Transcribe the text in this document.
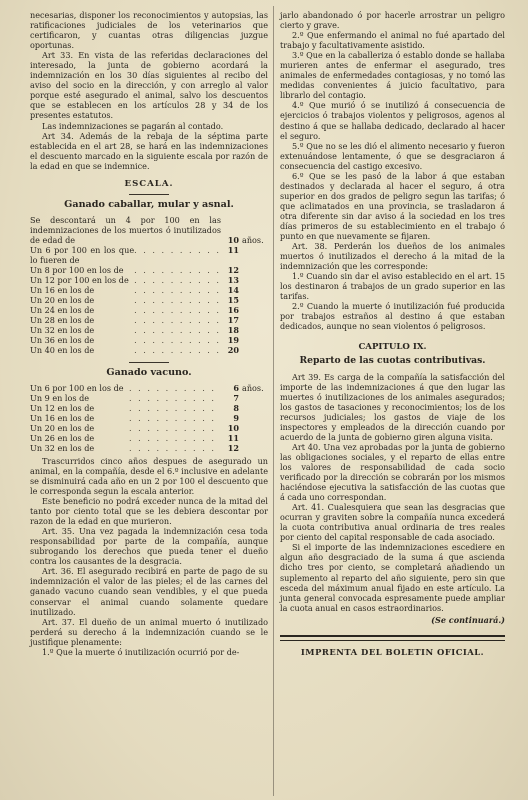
necesarias, disponer los reconocimientos y autopsias, las ratificaciones judiciales de los veterinarios que certificaron, y cuantas otras diligencias juzgue oportunas.

Art 33. En vista de las referidas declaraciones del interesado, la junta de gobierno acordará la indemnización en los 30 días siguientes al recibo del aviso del socio en la dirección, y con arreglo al valor porque esté asegurado el animal, salvo los descuentos que se establecen en los artículos 28 y 34 de los presentes estatutos.

Las indemnizaciones se pagarán al contado.

Art 34. Además de la rebaja de la séptima parte establecida en el art 28, se hará en las indemnizaciones el descuento marcado en la siguiente escala por razón de la edad en que se indemnice.

ESCALA.
Ganado caballar, mular y asnal.
Se descontará un 4 por 100 en las indemnizaciones de los muertos ó inutilizados de edad de	10	años.
Un 6 por 100 en los que lo fueren de	. . . . . . . . . .	11	
Un 8 por 100 en los de	. . . . . . . . . .	12	
Un 12 por 100 en los de	. . . . . . . . . .	13	
Un 16 en los de	. . . . . . . . . .	14	
Un 20 en los de	. . . . . . . . . .	15	
Un 24 en los de	. . . . . . . . . .	16	
Un 28 en los de	. . . . . . . . . .	17	
Un 32 en los de	. . . . . . . . . .	18	
Un 36 en los de	. . . . . . . . . .	19	
Un 40 en los de	. . . . . . . . . .	20	
Ganado vacuno.
Un 6 por 100 en los de	. . . . . . . . . .	6	años.
Un 9 en los de	. . . . . . . . . .	7	
Un 12 en los de	. . . . . . . . . .	8	
Un 16 en los de	. . . . . . . . . .	9	
Un 20 en los de	. . . . . . . . . .	10	
Un 26 en los de	. . . . . . . . . .	11	
Un 32 en los de	. . . . . . . . . .	12	

Trascurridos cinco años despues de asegurado un animal, en la compañía, desde el 6.º inclusive en adelante se disminuirá cada año en un 2 por 100 el descuento que le corresponda segun la escala anterior.

Este beneficio no podrá exceder nunca de la mitad del tanto por ciento total que se les debiera descontar por razon de la edad en que murieron.

Art. 35. Una vez pagada la indemnización cesa toda responsabilidad por parte de la compañía, aunque subrogando los derechos que pueda tener el dueño contra los causantes de la desgracia.

Art. 36. El asegurado recibirá en parte de pago de su indemnización el valor de las pieles; el de las carnes del ganado vacuno cuando sean vendibles, y el que pueda conservar el animal cuando solamente quedare inutilizado.

Art. 37. El dueño de un animal muerto ó inutilizado perderá su derecho á la indemnización cuando se le justifique plenamente:

1.º Que la muerte ó inutilización ocurrió por de-

jarlo abandonado ó por hacerle arrostrar un peligro cierto y grave.

2.º Que enfermando el animal no fué apartado del trabajo y facultativamente asistido.

3.º Que en la caballeriza ó establo donde se hallaba murieren antes de enfermar el asegurado, tres animales de enfermedades contagiosas, y no tomó las medidas convenientes á juicio facultativo, para librarlo del contagio.

4.º Que murió ó se inutilizó á consecuencia de ejercicios ó trabajos violentos y peligrosos, agenos al destino á que se hallaba dedicado, declarado al hacer el seguro.

5.º Que no se les dió el alimento necesario y fueron extenuándose lentamente, ó que se desgraciaron á consecuencia del castigo excesivo.

6.º Que se les pasó de la labor á que estaban destinados y declarada al hacer el seguro, á otra superior en dos grados de peligro segun las tarifas; ó que aclimatados en una provincia, se trasladaron á otra diferente sin dar aviso á la sociedad en los tres días primeros de su establecimiento en el trabajo ó punto en que nuevamente se fijaren.

Art. 38. Perderán los dueños de los animales muertos ó inutilizados el derecho á la mitad de la indemnización que les corresponde:

1.º Cuando sin dar el aviso establecido en el art. 15 los destinaron á trabajos de un grado superior en las tarifas.

2.º Cuando la muerte ó inutilización fué producida por trabajos estraños al destino á que estaban dedicados, aunque no sean violentos ó peligrosos.

CAPITULO IX.
Reparto de las cuotas contributivas.

Art 39. Es carga de la compañía la satisfacción del importe de las indemnizaciones á que den lugar las muertes ó inutilizaciones de los animales asegurados; los gastos de tasaciones y reconocimientos; los de los recursos judiciales; los gastos de viaje de los inspectores y empleados de la dirección cuando por acuerdo de la junta de gobierno giren alguna visita.

Art 40. Una vez aprobadas por la junta de gobierno las obligaciones sociales, y el reparto de ellas entre los valores de responsabilidad de cada socio verificado por la dirección se cobrarán por los mismos haciéndose ejecutiva la satisfacción de las cuotas que á cada uno correspondan.

Art. 41. Cualesquiera que sean las desgracias que ocurran y graviten sobre la compañía nunca excederá la cuota contributiva anual ordinaria de tres reales por ciento del capital responsable de cada asociado.

Si el importe de las indemnizaciones escediere en algun año desgraciado de la suma á que ascienda dicho tres por ciento, se completará añadiendo un suplemento al reparto del año siguiente, pero sin que esceda del máximum anual fijado en este artículo. La junta general convocada espresamente puede ampliar la cuota anual en casos estraordinarios.

(Se continuará.)
IMPRENTA DEL BOLETIN OFICIAL.
